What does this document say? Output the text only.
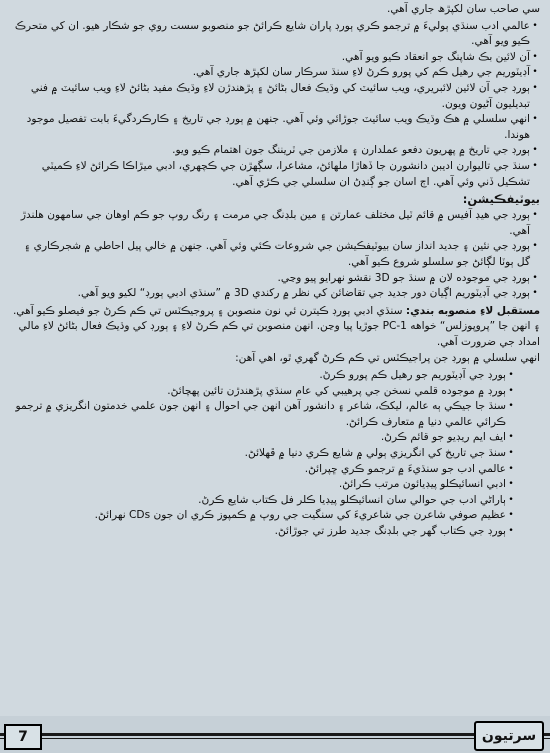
سي صاحب سان لکپڙھ جاري آهي.
•
عالمي ادب سنڌي ٻوليءَ ۾ ترجمو ڪري ٻورڊ پاران شايع ڪرائڻ جو منصوبو سست روي جو شڪار هيو. ان کي متحرڪ ڪيو ويو آهي.
•
آن لائين بڪ شاپنگ جو انعقاد ڪيو ويو آهي.
•
آڊيٽوريم جي رهيل ڪم کي پورو ڪرڻ لاءِ سنڌ سرڪار سان لکپڙھ جاري آهي.
•
ٻورڊ جي آن لائين لائبريري، ويب سائيٽ کي وڌيڪ فعال بڻائڻ ۽ پڙهندڙن لاءِ وڌيڪ مفيد بڻائڻ لاءِ ويب سائيٽ ۾ فني تبديليون آڻيون ويون.
•
انهي سلسلي ۾ هڪ وڌيڪ ويب سائيٽ جوڙائي وئي آهي. جنهن ۾ ٻورڊ جي تاريخ ۽ ڪارڪردگيءَ بابت تفصيل موجود هوندا.
•
ٻورڊ جي تاريخ ۾ پهريون دفعو عملدارن ۽ ملازمن جي ٽريننگ جون اهتمام ڪيو ويو.
•
سنڌ جي تاليوارن اديبن دانشورن جا ڏهاڙا ملهائڻ، مشاعرا، سڳهڙن جي ڪچهري، ادبي ميڙاڪا ڪرائڻ لاءِ ڪميٽي تشڪيل ڏني وئي آهي. اڄ اسان جو ڳنڍڻ ان سلسلي جي ڪڙي آهي.
بيوٽيفڪيشن:
•
ٻورڊ جي هيڊ آفيس ۾ قائم ٽيل مختلف عمارتن ۽ مين بلڊنگ جي مرمت ۽ رنگ روپ جو ڪم اوهان جي سامهون هلندڙ آهي.
•
ٻورڊ جي نئين ۽ جديد انداز سان بيوٽيفڪيشن جي شروعات ڪئي وئي آهي. جنهن ۾ خالي پيل احاطي ۾ شجرڪاري ۽ گل ٻوٽا لڳائڻ جو سلسلو شروع ڪيو آهي.
•
ٻورڊ جي موجوده لان ۾ سنڌ جو 3D نقشو نهرايو پيو وڃي.
•
ٻورڊ جي آڊيٽوريم اڳيان دور جديد جي تقاضائن کي نظر ۾ رکندي 3D ۾ ”سنڌي ادبي ٻورڊ“ لکيو ويو آهي.
مستقبل لاءِ منصوبه بندي: سنڌي ادبي ٻورڊ ڪيترن ئي نون منصوبن ۽ پروجيڪٽس تي ڪم ڪرڻ جو فيصلو ڪيو آهي. ۽ انهن جا ”پروپوزلس“ خواهه PC-1 جوڙيا پيا وڃن. انهن منصوبن تي ڪم ڪرڻ لاءِ ۽ ٻورڊ کي وڌيڪ فعال بڻائڻ لاءِ مالي امداد جي ضرورت آهي.
انهي سلسلي ۾ ٻورڊ جن پراجيڪٽس تي ڪم ڪرڻ گهري ٿو، اهي آهن:
•
ٻورڊ جي آڊيٽوريم جو رهيل ڪم پورو ڪرڻ.
•
ٻورڊ ۾ موجوده قلمي نسخن جي پرهيبي کي عام سنڌي پڙهندڙن تائين پهچائڻ.
•
سنڌ جا جيڪي ٻه عالم، ليکڪ، شاعر ۽ دانشور آهن انهن جي احوال ۽ انهن جون علمي خدمتون انگريزي ۾ ترجمو ڪرائي عالمي دنيا ۾ متعارف ڪرائڻ.
•
ايف ايم ريڊيو جو قائم ڪرڻ.
•
سنڌ جي تاريخ کي انگريزي ٻولي ۾ شايع ڪري دنيا ۾ ڦهلائڻ.
•
عالمي ادب جو سنڌيءَ ۾ ترجمو ڪري ڇپرائڻ.
•
ادبي انسائيڪلو پيڊيائون مرتب ڪرائڻ.
•
ٻاراڻي ادب جي حوالي سان انسائيڪلو پيڊيا ڪلر فل ڪتاب شايع ڪرڻ.
•
عظيم صوفي شاعرن جي شاعريءَ کي سنگيت جي روپ ۾ ڪمپوز ڪري ان جون CDs نهرائڻ.
•
ٻورڊ جي ڪتاب گهر جي بلڊنگ جديد طرز تي جوڙائڻ.
7	سرتيون
